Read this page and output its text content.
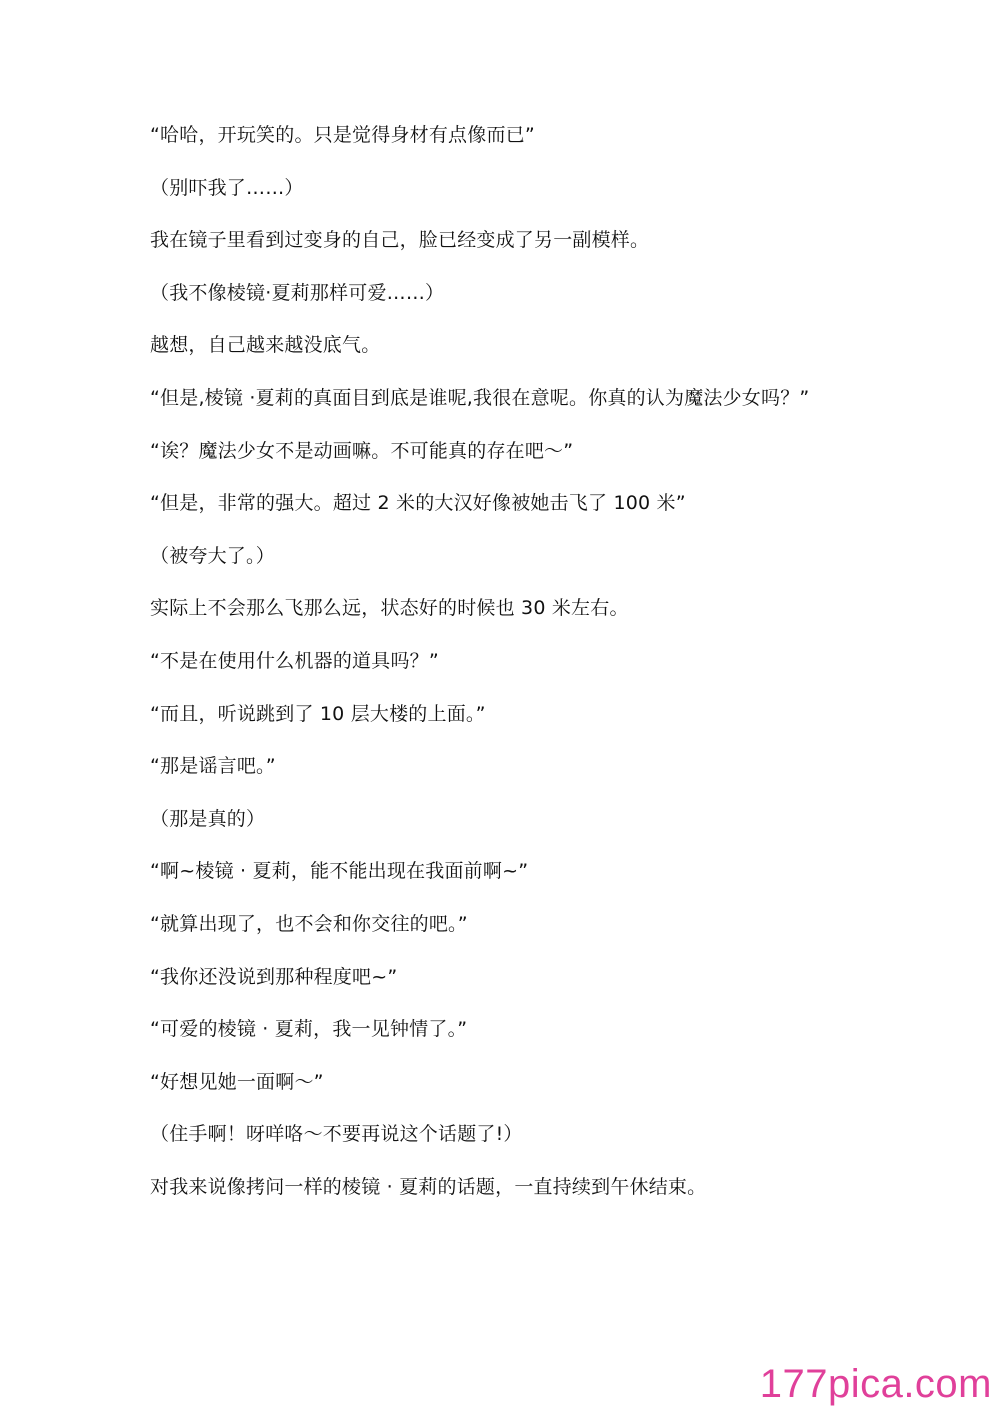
“哈哈，开玩笑的。只是觉得身材有点像而已”
（别吓我了……）
我在镜子里看到过变身的自己，脸已经变成了另一副模样。
（我不像棱镜·夏莉那样可爱……）
越想，自己越来越没底气。
“但是,棱镜 ·夏莉的真面目到底是谁呢,我很在意呢。你真的认为魔法少女吗？”
“诶？魔法少女不是动画嘛。不可能真的存在吧～”
“但是，非常的强大。超过 2 米的大汉好像被她击飞了 100 米”
（被夸大了。）
实际上不会那么飞那么远，状态好的时候也 30 米左右。
“不是在使用什么机器的道具吗？”
“而且，听说跳到了 10 层大楼的上面。”
“那是谣言吧。”
（那是真的）
“啊~棱镜 · 夏莉，能不能出现在我面前啊~”
“就算出现了，也不会和你交往的吧。”
“我你还没说到那种程度吧~”
“可爱的棱镜 · 夏莉，我一见钟情了。”
“好想见她一面啊～”
（住手啊！呀咩咯～不要再说这个话题了!）
对我来说像拷问一样的棱镜 · 夏莉的话题，一直持续到午休结束。
177pica.com
